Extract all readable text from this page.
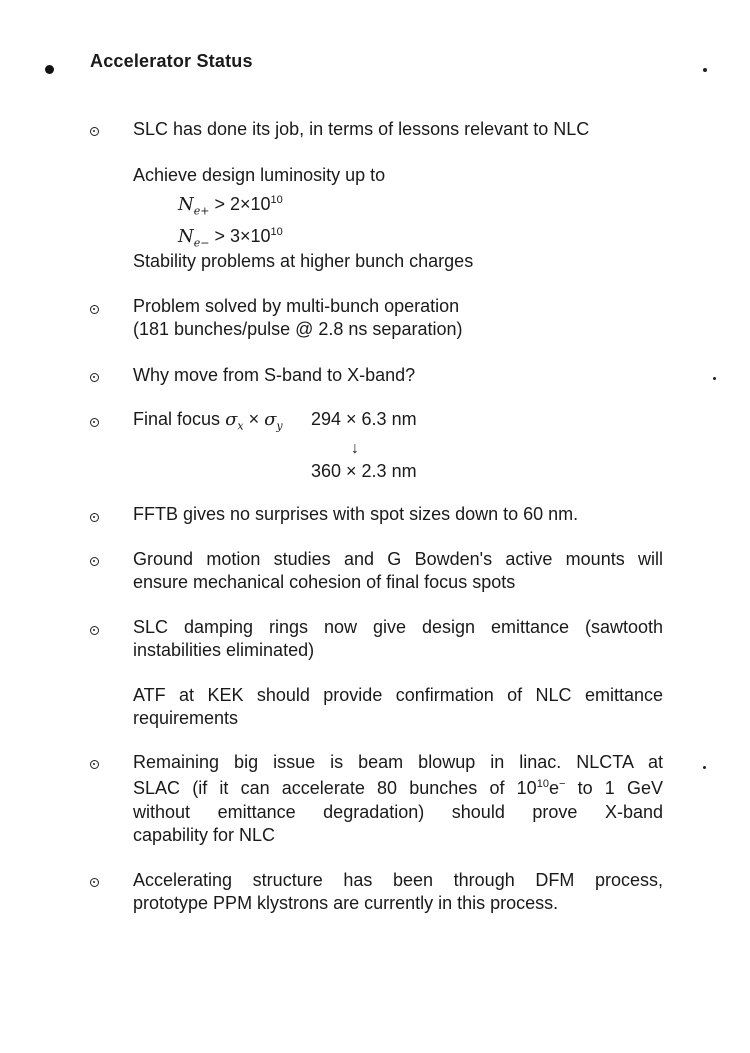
Accelerator Status
SLC has done its job, in terms of lessons relevant to NLC
Achieve design luminosity up to
$N_{e+} > 2\times 10^{10}$
$N_{e-} > 3\times 10^{10}$
Stability problems at higher bunch charges
Problem solved by multi-bunch operation
(181 bunches/pulse @ 2.8 ns separation)
Why move from S-band to X-band?
Final focus $\sigma_x \times \sigma_y$ 294 × 6.3 nm
↓
360 × 2.3 nm
FFTB gives no surprises with spot sizes down to 60 nm.
Ground motion studies and G Bowden's active mounts will
ensure mechanical cohesion of final focus spots
SLC damping rings now give design emittance (sawtooth
instabilities eliminated)
ATF at KEK should provide confirmation of NLC emittance
requirements
Remaining big issue is beam blowup in linac. NLCTA at
SLAC (if it can accelerate 80 bunches of $10^{10}e^-$ to 1 GeV
without emittance degradation) should prove X-band
capability for NLC
Accelerating structure has been through DFM process,
prototype PPM klystrons are currently in this process.
